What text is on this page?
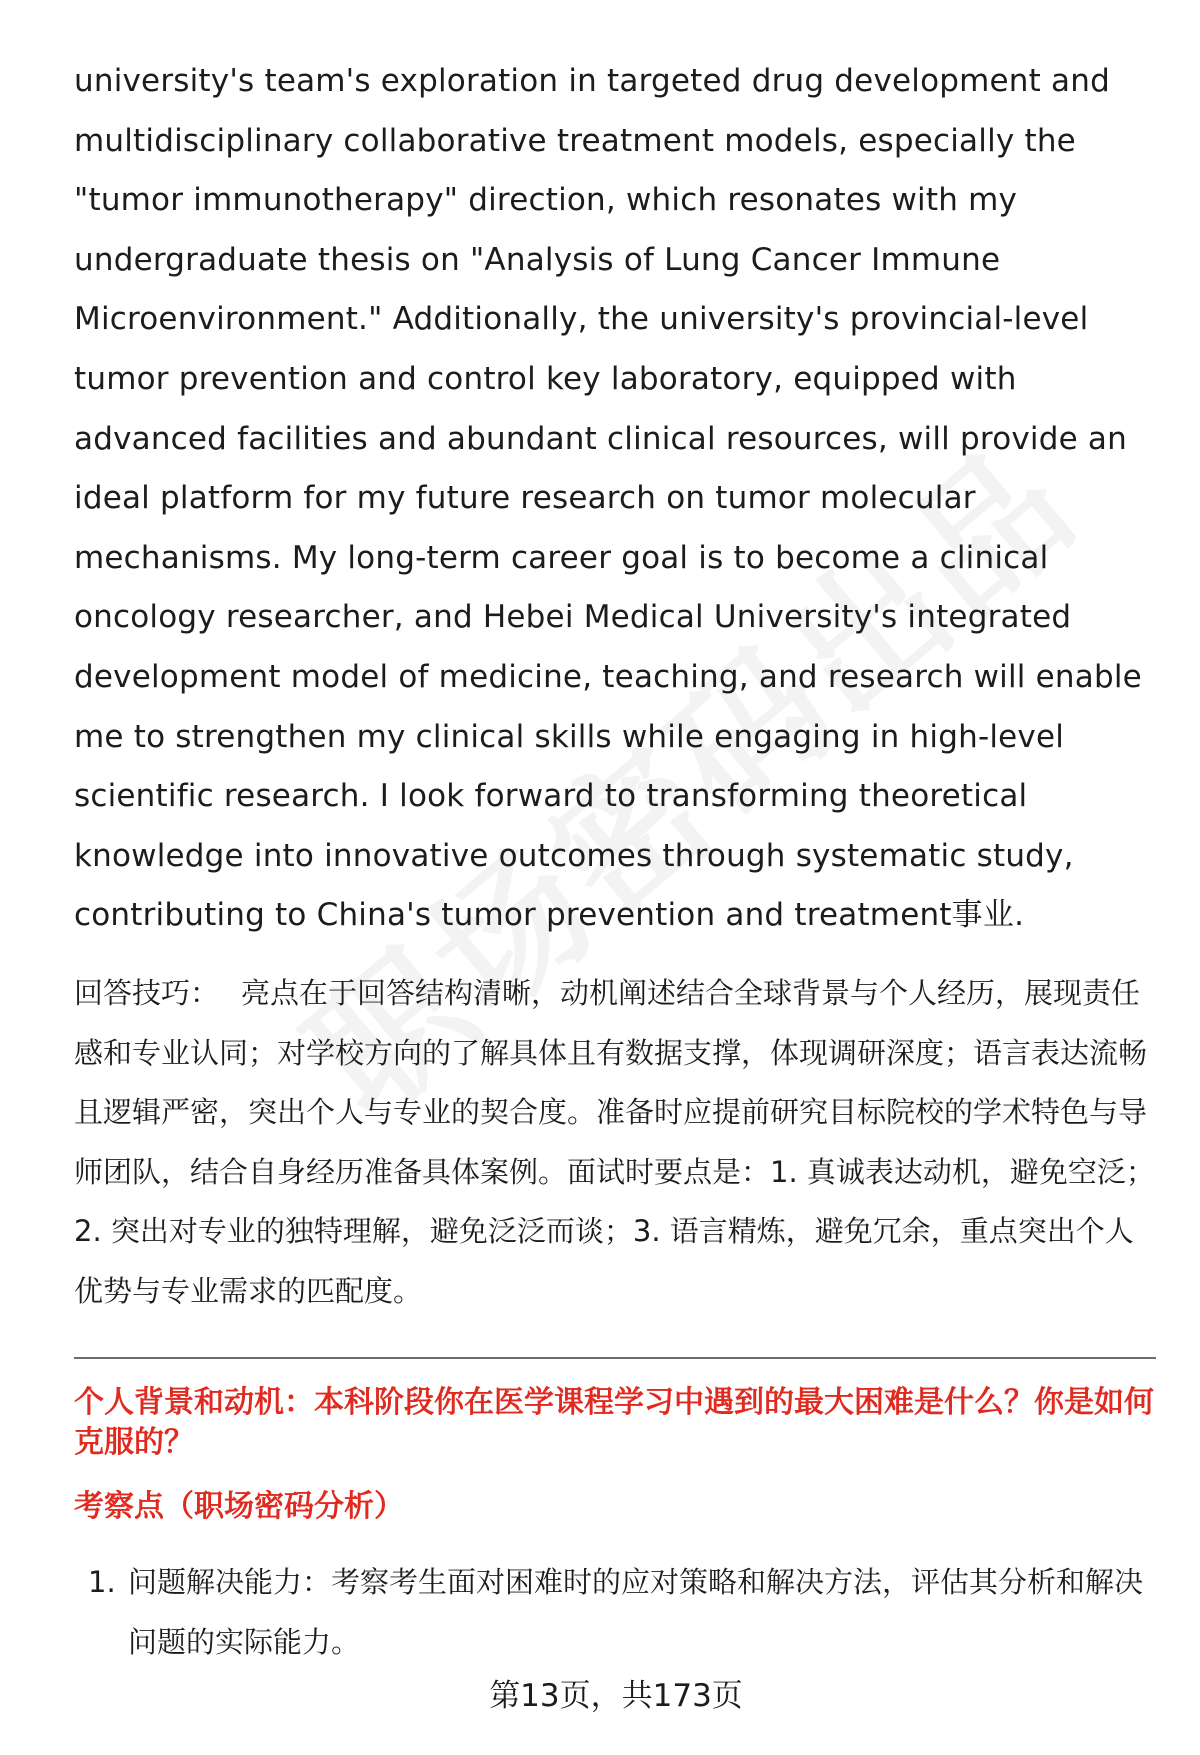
university's team's exploration in targeted drug development and multidisciplinary collaborative treatment models, especially the "tumor immunotherapy" direction, which resonates with my undergraduate thesis on "Analysis of Lung Cancer Immune Microenvironment." Additionally, the university's provincial-level tumor prevention and control key laboratory, equipped with advanced facilities and abundant clinical resources, will provide an ideal platform for my future research on tumor molecular mechanisms. My long-term career goal is to become a clinical oncology researcher, and Hebei Medical University's integrated development model of medicine, teaching, and research will enable me to strengthen my clinical skills while engaging in high-level scientific research. I look forward to transforming theoretical knowledge into innovative outcomes through systematic study, contributing to China's tumor prevention and treatment事业.

回答技巧： 亮点在于回答结构清晰，动机阐述结合全球背景与个人经历，展现责任感和专业认同；对学校方向的了解具体且有数据支撑，体现调研深度；语言表达流畅且逻辑严密，突出个人与专业的契合度。准备时应提前研究目标院校的学术特色与导师团队，结合自身经历准备具体案例。面试时要点是：1. 真诚表达动机，避免空泛；2. 突出对专业的独特理解，避免泛泛而谈；3. 语言精炼，避免冗余，重点突出个人优势与专业需求的匹配度。

个人背景和动机：本科阶段你在医学课程学习中遇到的最大困难是什么？你是如何克服的？
考察点（职场密码分析）
1. 问题解决能力：考察考生面对困难时的应对策略和解决方法，评估其分析和解决问题的实际能力。
第13页，共173页
